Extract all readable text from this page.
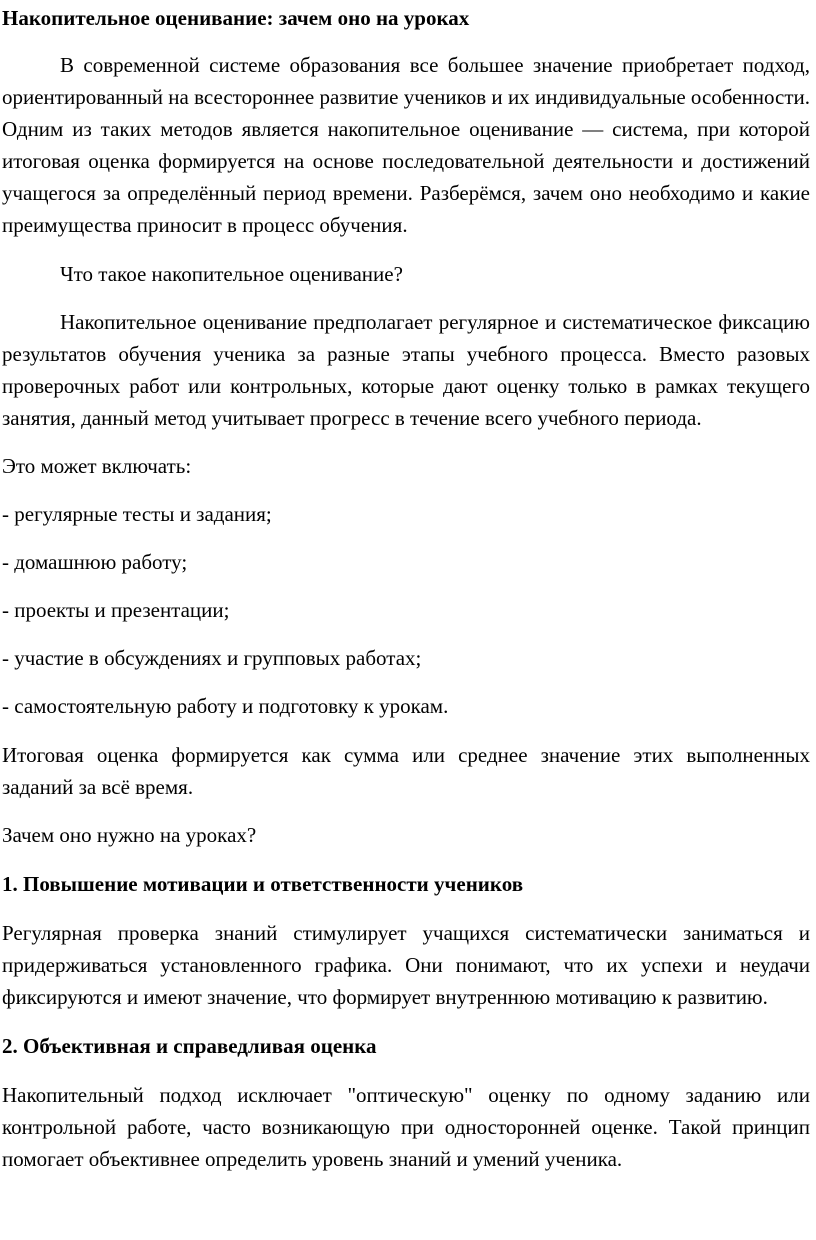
Накопительное оценивание: зачем оно на уроках

В современной системе образования все большее значение приобретает подход, ориентированный на всестороннее развитие учеников и их индивидуальные особенности. Одним из таких методов является накопительное оценивание — система, при которой итоговая оценка формируется на основе последовательной деятельности и достижений учащегося за определённый период времени. Разберёмся, зачем оно необходимо и какие преимущества приносит в процесс обучения.

Что такое накопительное оценивание?

Накопительное оценивание предполагает регулярное и систематическое фиксацию результатов обучения ученика за разные этапы учебного процесса. Вместо разовых проверочных работ или контрольных, которые дают оценку только в рамках текущего занятия, данный метод учитывает прогресс в течение всего учебного периода.

Это может включать:

- регулярные тесты и задания;

- домашнюю работу;

- проекты и презентации;

- участие в обсуждениях и групповых работах;

- самостоятельную работу и подготовку к урокам.

Итоговая оценка формируется как сумма или среднее значение этих выполненных заданий за всё время.

Зачем оно нужно на уроках?

1. Повышение мотивации и ответственности учеников

Регулярная проверка знаний стимулирует учащихся систематически заниматься и придерживаться установленного графика. Они понимают, что их успехи и неудачи фиксируются и имеют значение, что формирует внутреннюю мотивацию к развитию.

2. Объективная и справедливая оценка

Накопительный подход исключает "оптическую" оценку по одному заданию или контрольной работе, часто возникающую при односторонней оценке. Такой принцип помогает объективнее определить уровень знаний и умений ученика.
